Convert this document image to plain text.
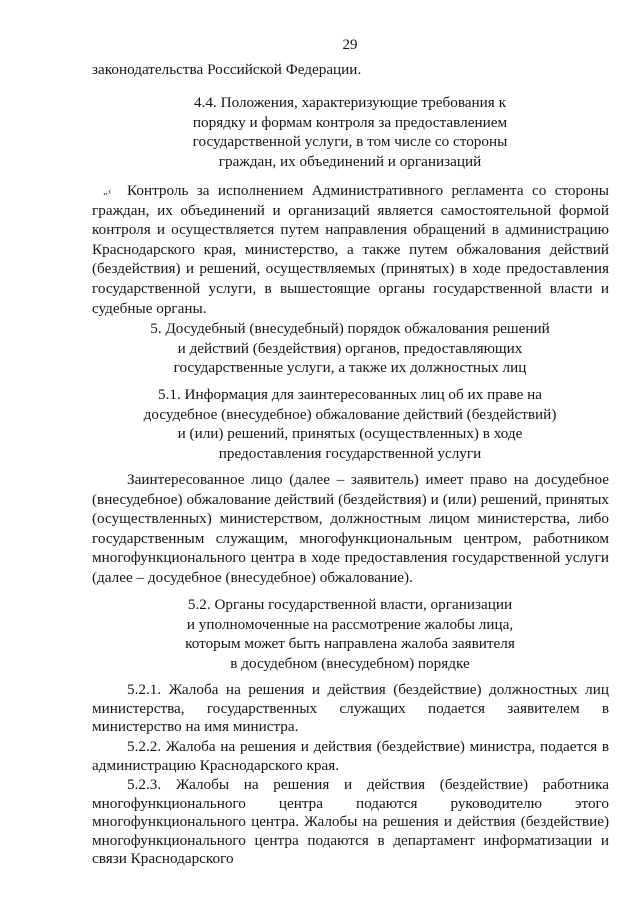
29
законодательства Российской Федерации.
4.4. Положения, характеризующие требования к
порядку и формам контроля за предоставлением
государственной услуги, в том числе со стороны
граждан, их объединений и организаций
„‹	Контроль за исполнением Административного регламента со стороны граждан, их объединений и организаций является самостоятельной формой контроля и осуществляется путем направления обращений в администрацию Краснодарского края, министерство, а также путем обжалования действий (бездействия) и решений, осуществляемых (принятых) в ходе предоставления государственной услуги, в вышестоящие органы государственной власти и судебные органы.

5. Досудебный (внесудебный) порядок обжалования решений
и действий (бездействия) органов, предоставляющих
государственные услуги, а также их должностных лиц
5.1. Информация для заинтересованных лиц об их праве на
досудебное (внесудебное) обжалование действий (бездействий)
и (или) решений, принятых (осуществленных) в ходе
предоставления государственной услуги

Заинтересованное лицо (далее – заявитель) имеет право на досудебное (внесудебное) обжалование действий (бездействия) и (или) решений, принятых (осуществленных) министерством, должностным лицом министерства, либо государственным служащим, многофункциональным центром, работником многофункционального центра в ходе предоставления государственной услуги (далее – досудебное (внесудебное) обжалование).

5.2. Органы государственной власти, организации
и уполномоченные на рассмотрение жалобы лица,
которым может быть направлена жалоба заявителя
в досудебном (внесудебном) порядке

5.2.1. Жалоба на решения и действия (бездействие) должностных лиц министерства, государственных служащих подается заявителем в министерство на имя министра.

5.2.2. Жалоба на решения и действия (бездействие) министра, подается в администрацию Краснодарского края.

5.2.3. Жалобы на решения и действия (бездействие) работника многофункционального центра подаются руководителю этого многофункционального центра. Жалобы на решения и действия (бездействие) многофункционального центра подаются в департамент информатизации и связи Краснодарского
